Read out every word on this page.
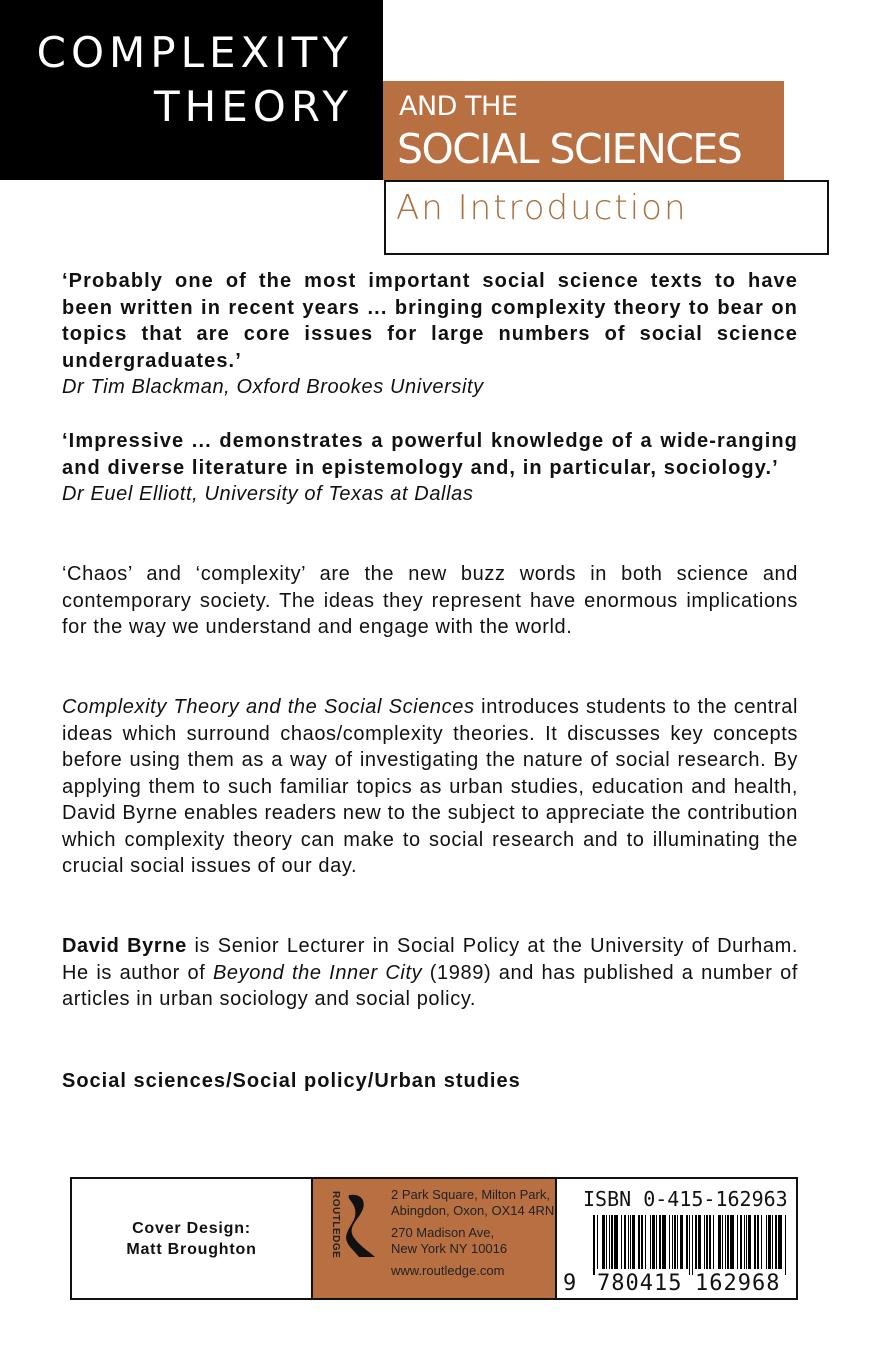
COMPLEXITY
THEORY AND THE
SOCIAL SCIENCES
An Introduction
‘Probably one of the most important social science texts to have been written in recent years ... bringing complexity theory to bear on topics that are core issues for large numbers of social science undergraduates.’
Dr Tim Blackman, Oxford Brookes University
‘Impressive ... demonstrates a powerful knowledge of a wide-ranging and diverse literature in epistemology and, in particular, sociology.’
Dr Euel Elliott, University of Texas at Dallas
‘Chaos’ and ‘complexity’ are the new buzz words in both science and contemporary society. The ideas they represent have enormous implications for the way we understand and engage with the world.
Complexity Theory and the Social Sciences introduces students to the central ideas which surround chaos/complexity theories. It discusses key concepts before using them as a way of investigating the nature of social research. By applying them to such familiar topics as urban studies, education and health, David Byrne enables readers new to the subject to appreciate the contribution which complexity theory can make to social research and to illuminating the crucial social issues of our day.
David Byrne is Senior Lecturer in Social Policy at the University of Durham. He is author of Beyond the Inner City (1989) and has published a number of articles in urban sociology and social policy.
Social sciences/Social policy/Urban studies
Cover Design:
Matt Broughton	ROUTLEDGE	2 Park Square, Milton Park,
Abingdon, Oxon, OX14 4RN
270 Madison Ave,
New York NY 10016
www.routledge.com
ISBN 0-415-162963
9 780415 162968
